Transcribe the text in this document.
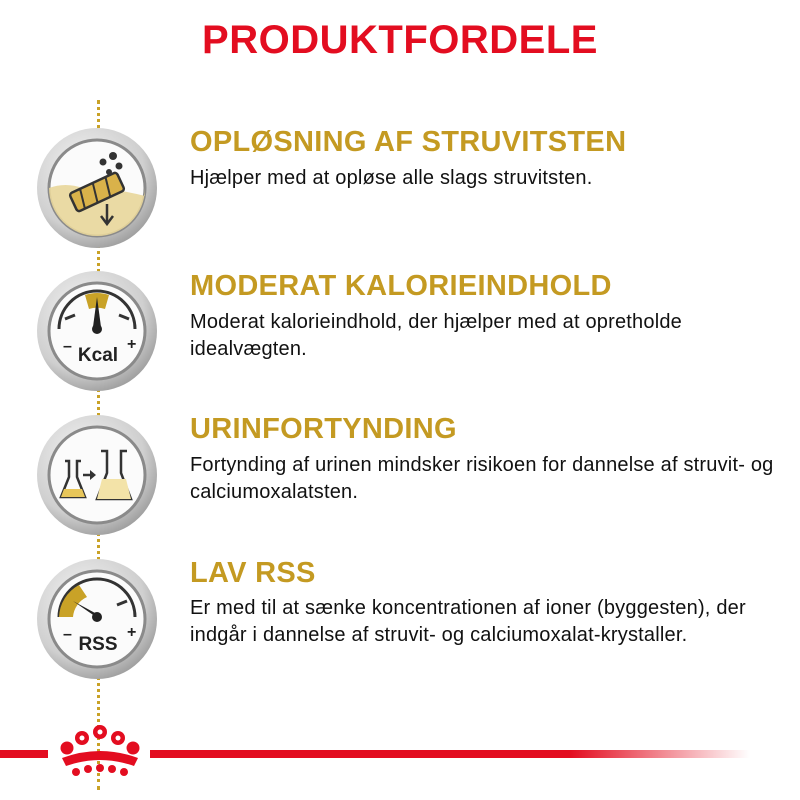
PRODUKTFORDELE
OPLØSNING AF STRUVITSTEN

Hjælper med at opløse alle slags struvitsten.

–	+
Kcal
MODERAT KALORIEINDHOLD

Moderat kalorieindhold, der hjælper med at opretholde idealvægten.

URINFORTYNDING

Fortynding af urinen mindsker risikoen for dannelse af struvit- og calciumoxalatsten.

–	+
RSS
LAV RSS

Er med til at sænke koncentrationen af ioner (byggesten), der indgår i dannelse af struvit- og calciumoxalat-krystaller.
